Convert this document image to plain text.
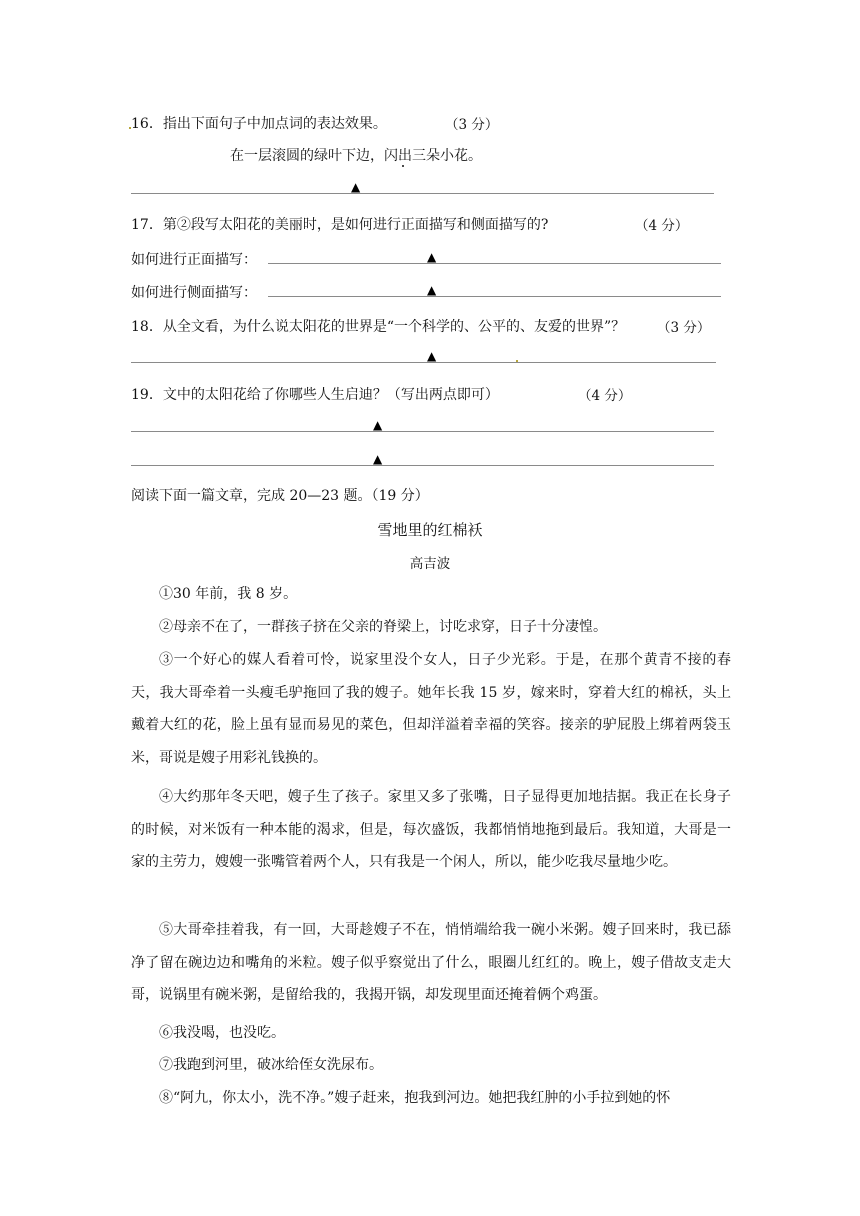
16．指出下面句子中加点词的表达效果。	（3 分）
在一层滚圆的绿叶下边，闪出三朵小花。
▲
17．第②段写太阳花的美丽时，是如何进行正面描写和侧面描写的?	（4 分）
如何进行正面描写：	▲
如何进行侧面描写：	▲
18．从全文看，为什么说太阳花的世界是“一个科学的、公平的、友爱的世界”？ （3 分）
▲
19．文中的太阳花给了你哪些人生启迪？（写出两点即可）	（4 分）
▲
▲
阅读下面一篇文章，完成 20—23 题。（19 分）
雪地里的红棉袄
高吉波
①30 年前，我 8 岁。
②母亲不在了，一群孩子挤在父亲的脊梁上，讨吃求穿，日子十分凄惶。
③一个好心的媒人看着可怜，说家里没个女人，日子少光彩。于是，在那个黄青不接的春天，我大哥牵着一头瘦毛驴拖回了我的嫂子。她年长我 15 岁，嫁来时，穿着大红的棉袄，头上戴着大红的花，脸上虽有显而易见的菜色，但却洋溢着幸福的笑容。接亲的驴屁股上绑着两袋玉米，哥说是嫂子用彩礼钱换的。
④大约那年冬天吧，嫂子生了孩子。家里又多了张嘴，日子显得更加地拮据。我正在长身子的时候，对米饭有一种本能的渴求，但是，每次盛饭，我都悄悄地拖到最后。我知道，大哥是一家的主劳力，嫂嫂一张嘴管着两个人，只有我是一个闲人，所以，能少吃我尽量地少吃。
⑤大哥牵挂着我，有一回，大哥趁嫂子不在，悄悄端给我一碗小米粥。嫂子回来时，我已舔净了留在碗边边和嘴角的米粒。嫂子似乎察觉出了什么，眼圈儿红红的。晚上，嫂子借故支走大哥，说锅里有碗米粥，是留给我的，我揭开锅，却发现里面还掩着俩个鸡蛋。
⑥我没喝，也没吃。
⑦我跑到河里，破冰给侄女洗尿布。
⑧“阿九，你太小，洗不净。”嫂子赶来，抱我到河边。她把我红肿的小手拉到她的怀
